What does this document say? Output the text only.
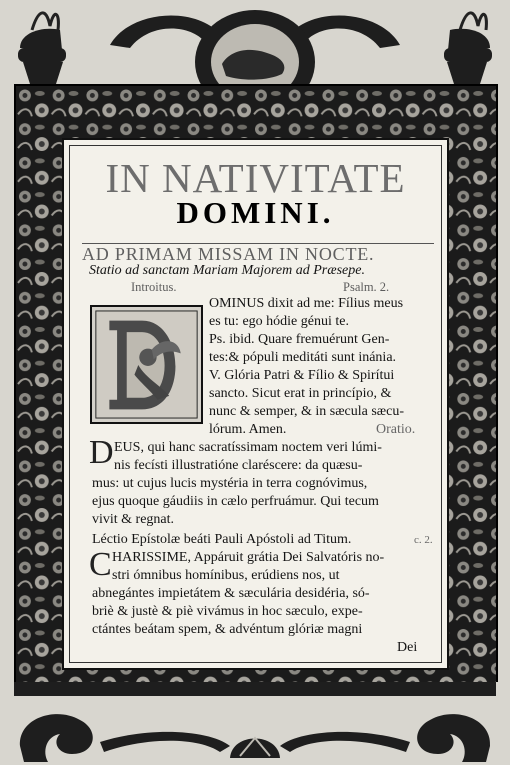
IN NATIVITATE
DOMINI.
AD PRIMAM MISSAM IN NOCTE.
Statio ad sanctam Mariam Majorem ad Præsepe.
Introitus.	Psalm. 2.
OMINUS dixit ad me: Fílius meus
es tu: ego hódie génui te.
Ps. ibid. Quare fremuérunt Gen-
tes:& pópuli meditáti sunt inánia.
V. Glória Patri & Fílio & Spirítui
sancto. Sicut erat in princípio, &
nunc & semper, & in sæcula sæcu-
lórum. Amen.	Oratio.
D EUS, qui hanc sacratíssimam noctem veri lúmi-
nis fecísti illustratióne claréscere: da quæsu-
mus: ut cujus lucis mystéria in terra cognóvimus,
ejus quoque gáudiis in cælo perfruámur. Qui tecum
vivit & regnat.
Léctio Epístolæ beáti Pauli Apóstoli ad Titum.	c. 2.
C HARISSIME, Appáruit grátia Dei Salvatóris no-
stri ómnibus homínibus, erúdiens nos, ut
abnegántes impietátem & sæculária desidéria, só-
briè & justè & piè vivámus in hoc sæculo, expe-
ctántes beátam spem, & advéntum glóriæ magni
Dei
